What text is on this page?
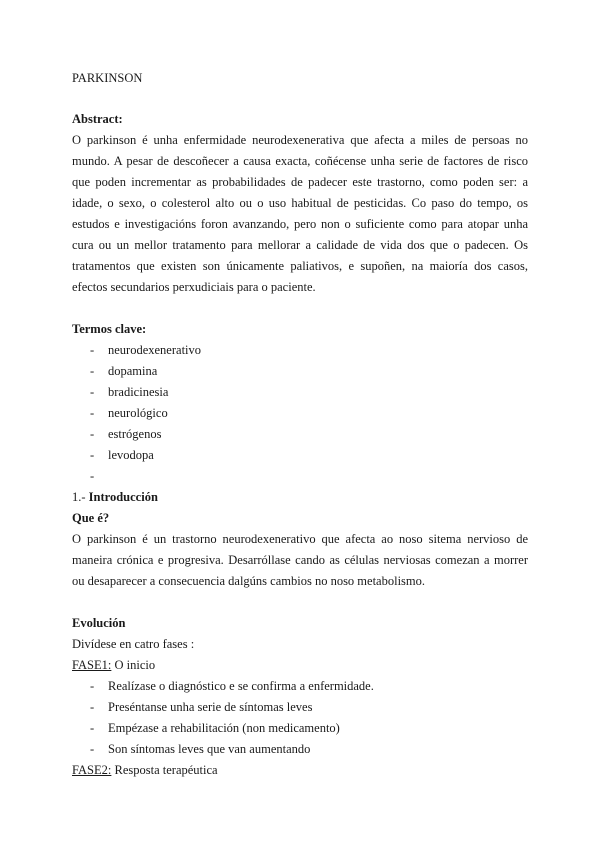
PARKINSON

Abstract:

O parkinson é unha enfermidade neurodexenerativa que afecta a miles de persoas no mundo. A pesar de descoñecer a causa exacta, coñécense unha serie de factores de risco que poden incrementar as probabilidades de padecer este trastorno, como poden ser: a idade, o sexo, o colesterol alto ou o uso habitual de pesticidas. Co paso do tempo, os estudos e investigacións foron avanzando, pero non o suficiente como para atopar unha cura ou un mellor tratamento para mellorar a calidade de vida dos que o padecen. Os tratamentos que existen son únicamente paliativos, e supoñen, na maioría dos casos, efectos secundarios perxudiciais para o paciente.

Termos clave:

- neurodexenerativo
- dopamina
- bradicinesia
- neurológico
- estrógenos
- levodopa
-

1.- Introducción

Que é?

O parkinson é un trastorno neurodexenerativo que afecta ao noso sitema nervioso de maneira crónica e progresiva. Desarróllase cando as células nerviosas comezan a morrer ou desaparecer a consecuencia dalgúns cambios no noso metabolismo.

Evolución

Divídese en catro fases :

FASE1: O inicio

- Realízase o diagnóstico e se confirma a enfermidade.
- Preséntanse unha serie de síntomas leves
- Empézase a rehabilitación (non medicamento)
- Son síntomas leves que van aumentando

FASE2: Resposta terapéutica
